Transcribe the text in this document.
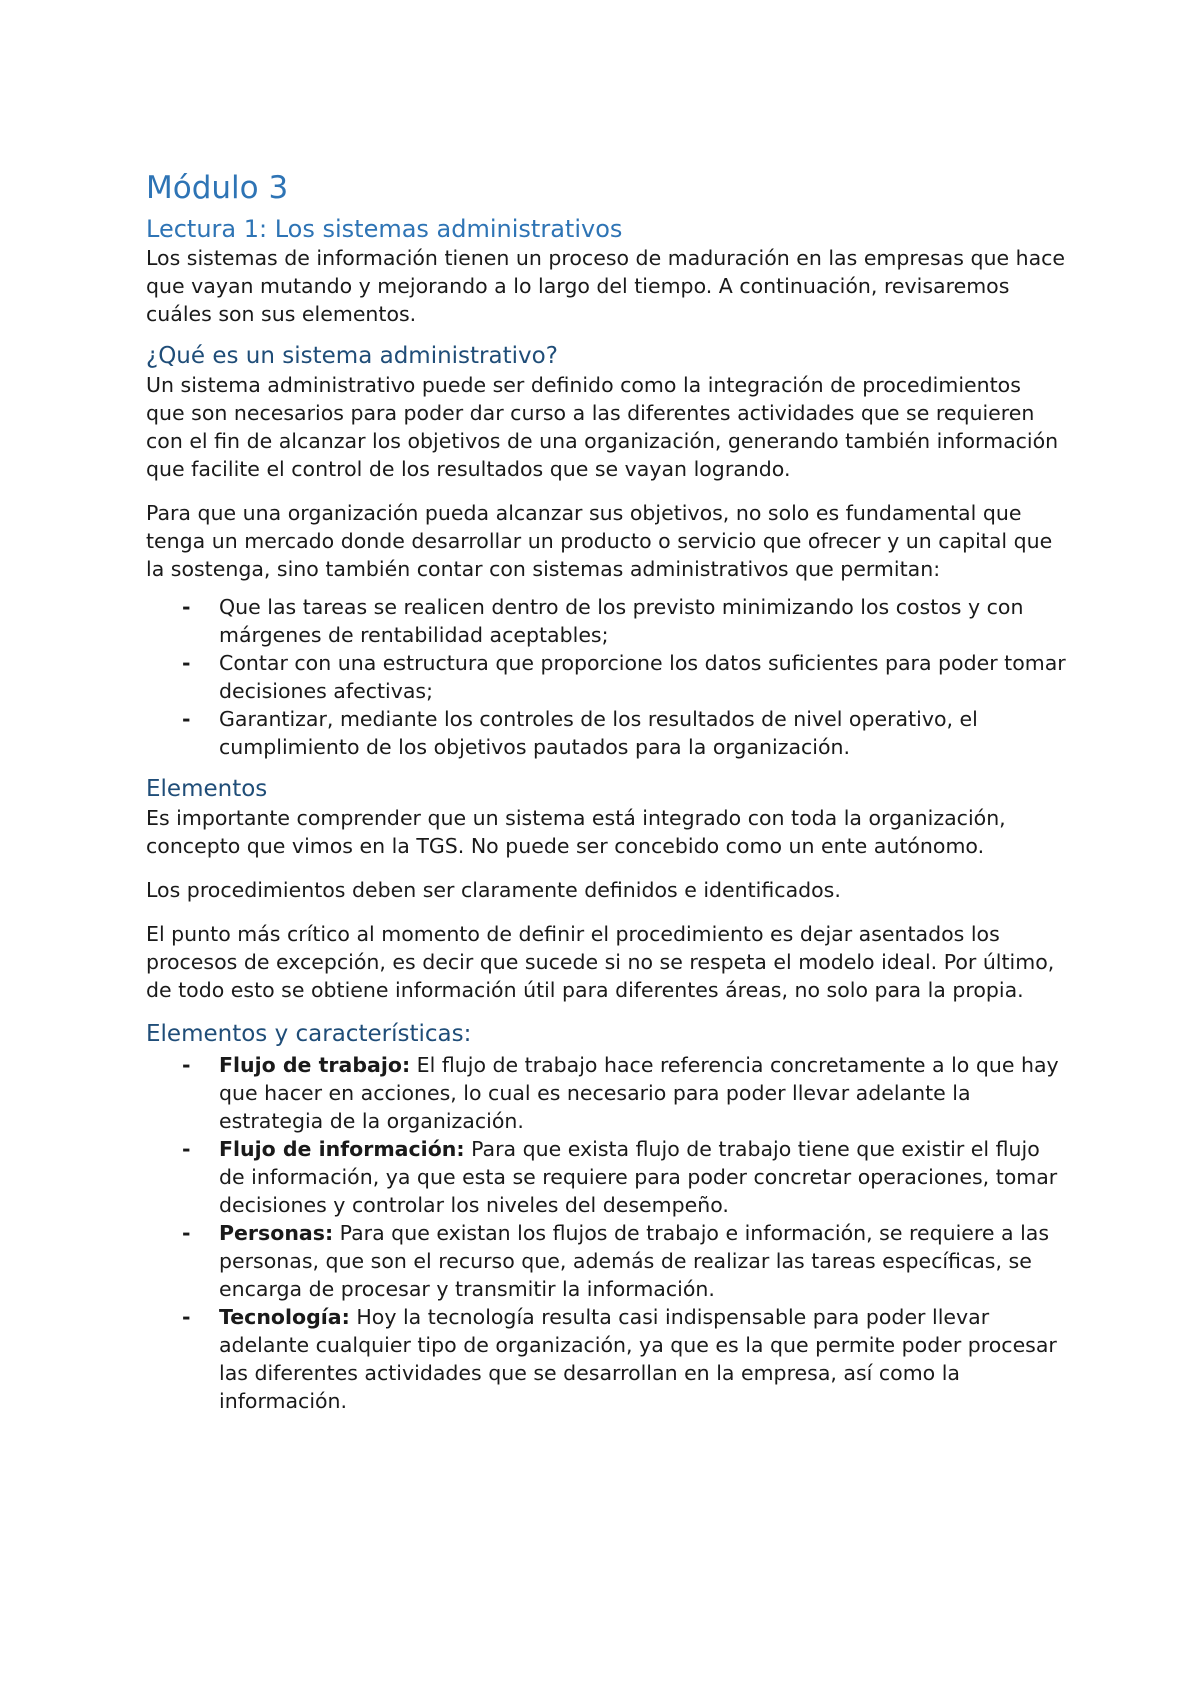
Módulo 3
Lectura 1: Los sistemas administrativos

Los sistemas de información tienen un proceso de maduración en las empresas que hace que vayan mutando y mejorando a lo largo del tiempo. A continuación, revisaremos cuáles son sus elementos.

¿Qué es un sistema administrativo?

Un sistema administrativo puede ser definido como la integración de procedimientos que son necesarios para poder dar curso a las diferentes actividades que se requieren con el fin de alcanzar los objetivos de una organización, generando también información que facilite el control de los resultados que se vayan logrando.

Para que una organización pueda alcanzar sus objetivos, no solo es fundamental que tenga un mercado donde desarrollar un producto o servicio que ofrecer y un capital que la sostenga, sino también contar con sistemas administrativos que permitan:

- Que las tareas se realicen dentro de los previsto minimizando los costos y con márgenes de rentabilidad aceptables;
- Contar con una estructura que proporcione los datos suficientes para poder tomar decisiones afectivas;
- Garantizar, mediante los controles de los resultados de nivel operativo, el cumplimiento de los objetivos pautados para la organización.
Elementos

Es importante comprender que un sistema está integrado con toda la organización, concepto que vimos en la TGS. No puede ser concebido como un ente autónomo.

Los procedimientos deben ser claramente definidos e identificados.

El punto más crítico al momento de definir el procedimiento es dejar asentados los procesos de excepción, es decir que sucede si no se respeta el modelo ideal. Por último, de todo esto se obtiene información útil para diferentes áreas, no solo para la propia.

Elementos y características:
- Flujo de trabajo: El flujo de trabajo hace referencia concretamente a lo que hay que hacer en acciones, lo cual es necesario para poder llevar adelante la estrategia de la organización.
- Flujo de información: Para que exista flujo de trabajo tiene que existir el flujo de información, ya que esta se requiere para poder concretar operaciones, tomar decisiones y controlar los niveles del desempeño.
- Personas: Para que existan los flujos de trabajo e información, se requiere a las personas, que son el recurso que, además de realizar las tareas específicas, se encarga de procesar y transmitir la información.
- Tecnología: Hoy la tecnología resulta casi indispensable para poder llevar adelante cualquier tipo de organización, ya que es la que permite poder procesar las diferentes actividades que se desarrollan en la empresa, así como la información.
